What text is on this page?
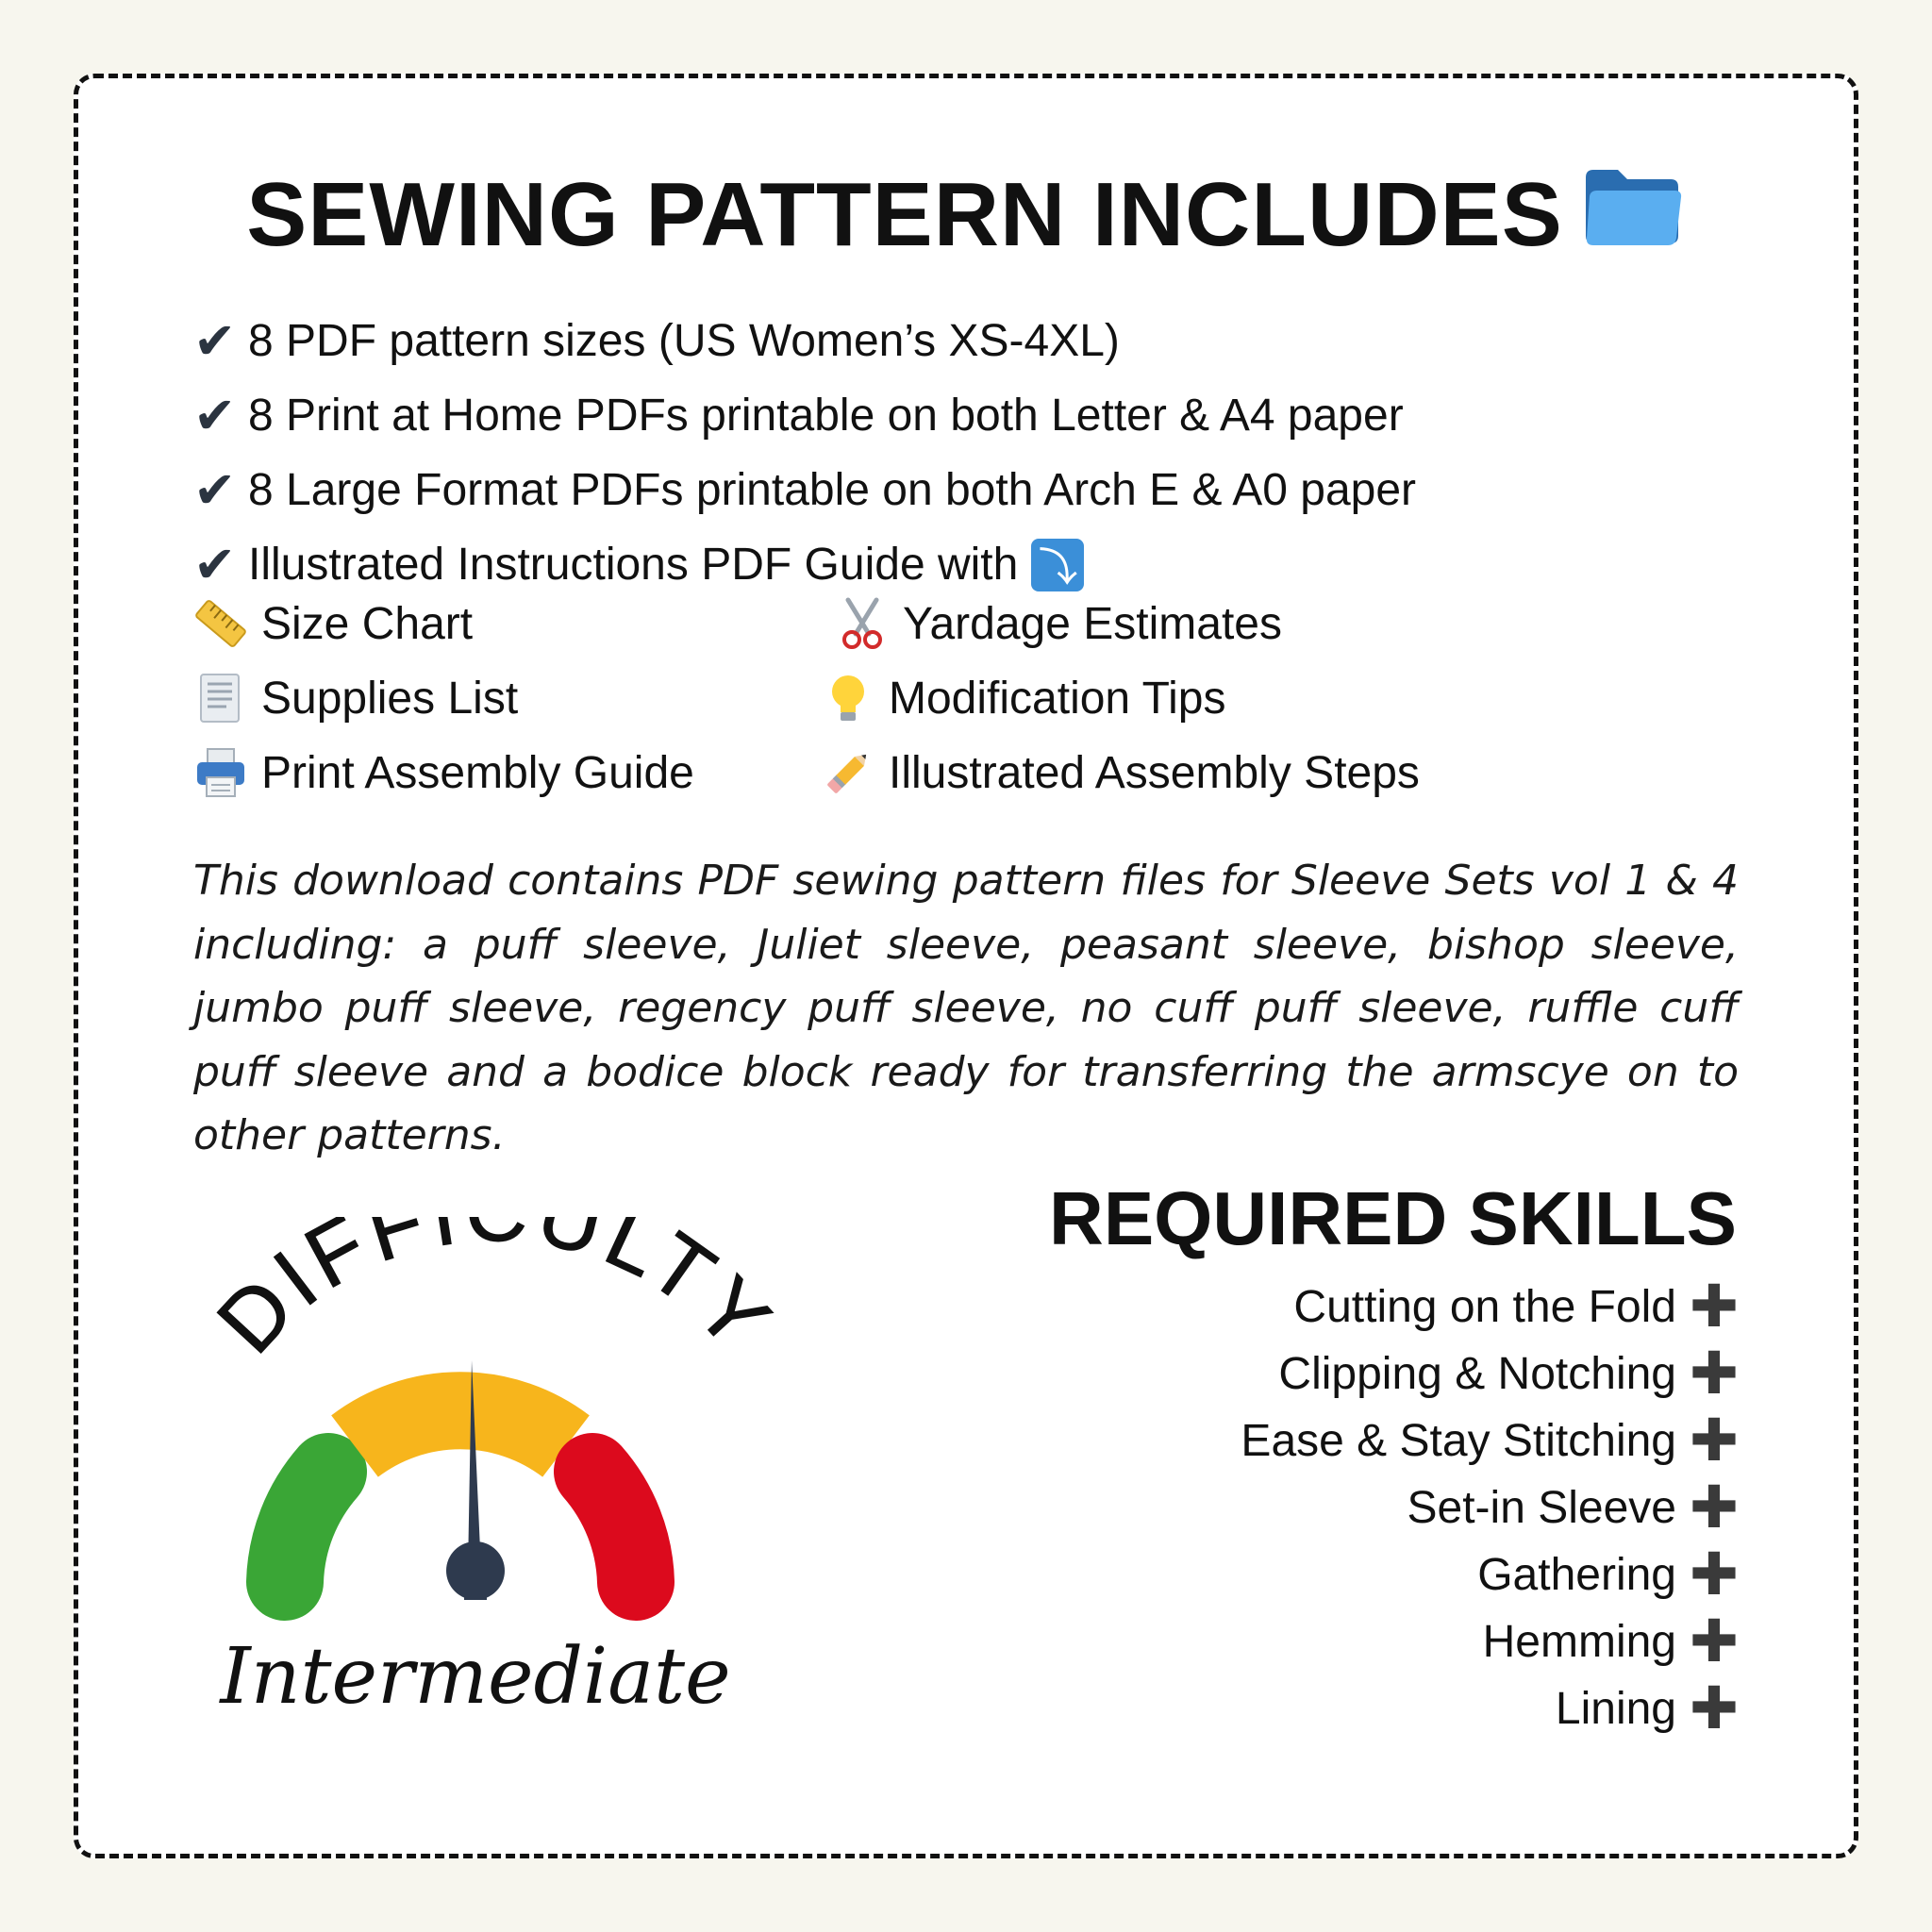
SEWING PATTERN INCLUDES
✔ 8 PDF pattern sizes (US Women’s XS-4XL)
✔ 8 Print at Home PDFs printable on both Letter & A4 paper
✔ 8 Large Format PDFs printable on both Arch E & A0 paper
✔ Illustrated Instructions PDF Guide with ⤵
Size Chart	Yardage Estimates
Supplies List	Modification Tips
Print Assembly Guide	Illustrated Assembly Steps

This download contains PDF sewing pattern files for Sleeve Sets vol 1 & 4 including: a puff sleeve, Juliet sleeve, peasant sleeve, bishop sleeve, jumbo puff sleeve, regency puff sleeve, no cuff puff sleeve, ruffle cuff puff sleeve and a bodice block ready for transferring the armscye on to other patterns.

DIFF ULTY
Intermediate
REQUIRED SKILLS
Cutting on the Fold ✚
Clipping & Notching ✚
Ease & Stay Stitching ✚
Set-in Sleeve ✚
Gathering ✚
Hemming ✚
Lining ✚
